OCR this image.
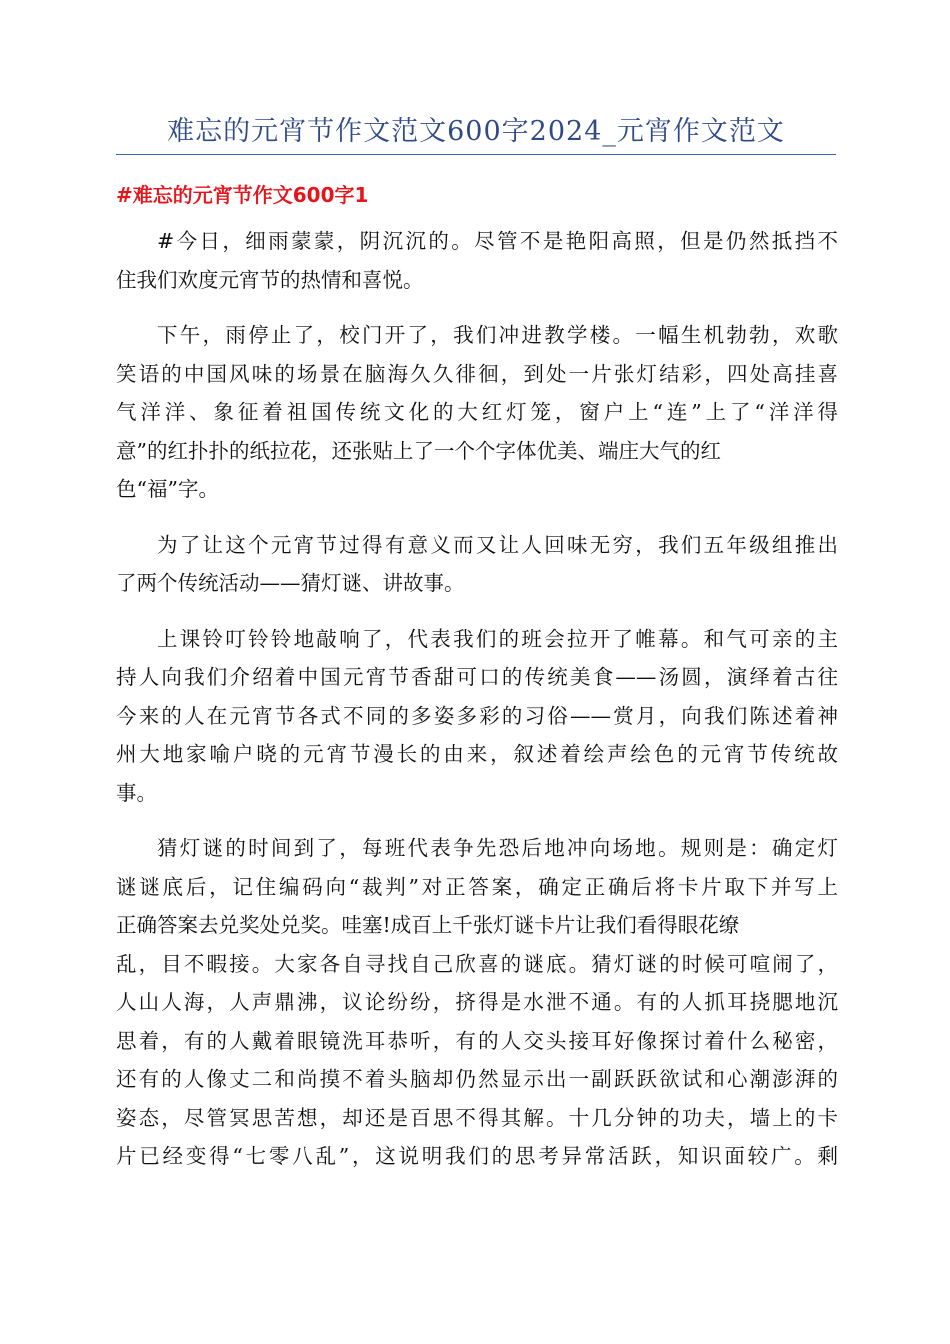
难忘的元宵节作文范文600字2024_元宵作文范文
#难忘的元宵节作文600字1
#今日，细雨蒙蒙，阴沉沉的。尽管不是艳阳高照，但是仍然抵挡不
住我们欢度元宵节的热情和喜悦。
下午，雨停止了，校门开了，我们冲进教学楼。一幅生机勃勃，欢歌
笑语的中国风味的场景在脑海久久徘徊，到处一片张灯结彩，四处高挂喜
气洋洋、象征着祖国传统文化的大红灯笼，窗户上“连”上了“洋洋得
意”的红扑扑的纸拉花，还张贴上了一个个字体优美、端庄大气的红
色“福”字。
为了让这个元宵节过得有意义而又让人回味无穷，我们五年级组推出
了两个传统活动——猜灯谜、讲故事。
上课铃叮铃铃地敲响了，代表我们的班会拉开了帷幕。和气可亲的主
持人向我们介绍着中国元宵节香甜可口的传统美食——汤圆，演绎着古往
今来的人在元宵节各式不同的多姿多彩的习俗——赏月，向我们陈述着神
州大地家喻户晓的元宵节漫长的由来，叙述着绘声绘色的元宵节传统故
事。
猜灯谜的时间到了，每班代表争先恐后地冲向场地。规则是：确定灯
谜谜底后，记住编码向“裁判”对正答案，确定正确后将卡片取下并写上
正确答案去兑奖处兑奖。哇塞!成百上千张灯谜卡片让我们看得眼花缭
乱，目不暇接。大家各自寻找自己欣喜的谜底。猜灯谜的时候可喧闹了，
人山人海，人声鼎沸，议论纷纷，挤得是水泄不通。有的人抓耳挠腮地沉
思着，有的人戴着眼镜洗耳恭听，有的人交头接耳好像探讨着什么秘密，
还有的人像丈二和尚摸不着头脑却仍然显示出一副跃跃欲试和心潮澎湃的
姿态，尽管冥思苦想，却还是百思不得其解。十几分钟的功夫，墙上的卡
片已经变得“七零八乱”，这说明我们的思考异常活跃，知识面较广。剩
